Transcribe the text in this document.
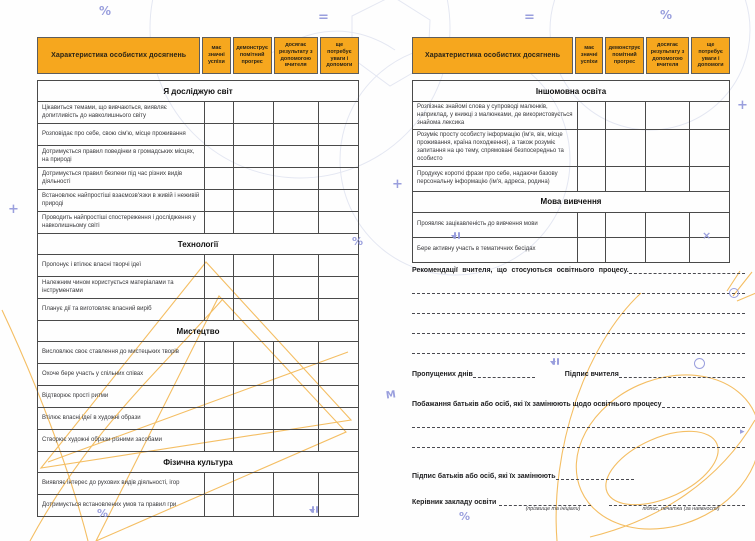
Характеристика особистих досягнень	має значні успіхи	демонструє помітний прогрес	досягає результату з допомогою вчителя	ще потребує уваги і допомоги
Я досліджую світ				
Цікавиться темами, що вивчаються, виявляє допитливість до навколишнього світу				
Розповідає про себе, свою сім'ю, місце проживання				
Дотримується правил поведінки в громадських місцях, на природі				
Дотримується правил безпеки під час різних видів діяльності				
Встановлює найпростіші взаємозв'язки в живій і неживій природі				
Проводить найпростіші спостереження і дослідження у навколишньому світі				
Технології				
Пропонує і втілює власні творчі ідеї				
Належним чином користується матеріалами та інструментами				
Планує дії та виготовляє власний виріб				
Мистецтво				
Висловлює своє ставлення до мистецьких творів				
Охоче бере участь у спільних співах				
Відтворює прості ритми				
Втілює власні ідеї в художні образи				
Створює художні образи різними засобами				
Фізична культура				
Виявляє інтерес до рухових видів діяльності, ігор				
Дотримується встановлених умов та правил гри				
Характеристика особистих досягнень	має значні успіхи	демонструє помітний прогрес	досягає результату з допомогою вчителя	ще потребує уваги і допомоги
Іншомовна освіта				
Розпізнає знайомі слова у супроводі малюнків, наприклад, у книжці з малюнками, де використовується знайома лексика				
Розуміє просту особисту інформацію (ім'я, вік, місце проживання, країна походження), а також розуміє запитання на цю тему, спрямовані безпосередньо та особисто				
Продукує короткі фрази про себе, надаючи базову персональну інформацію (ім'я, адреса, родина)				
Мова вивчення				
Проявляє зацікавленість до вивчення мови				
Бере активну участь в тематичних бесідах				
Рекомендації вчителя, що стосуються освітнього процесу.
Пропущених днів	Підпис вчителя
Побажання батьків або осіб, які їх замінюють щодо освітнього процесу
Підпис батьків або осіб, які їх замінюють
Керівник закладу освіти
(прізвище та ініціали)	підпис, печатка (за наявності)
%	=	=	%
+
+
%
+
×
▸
M
%	%
